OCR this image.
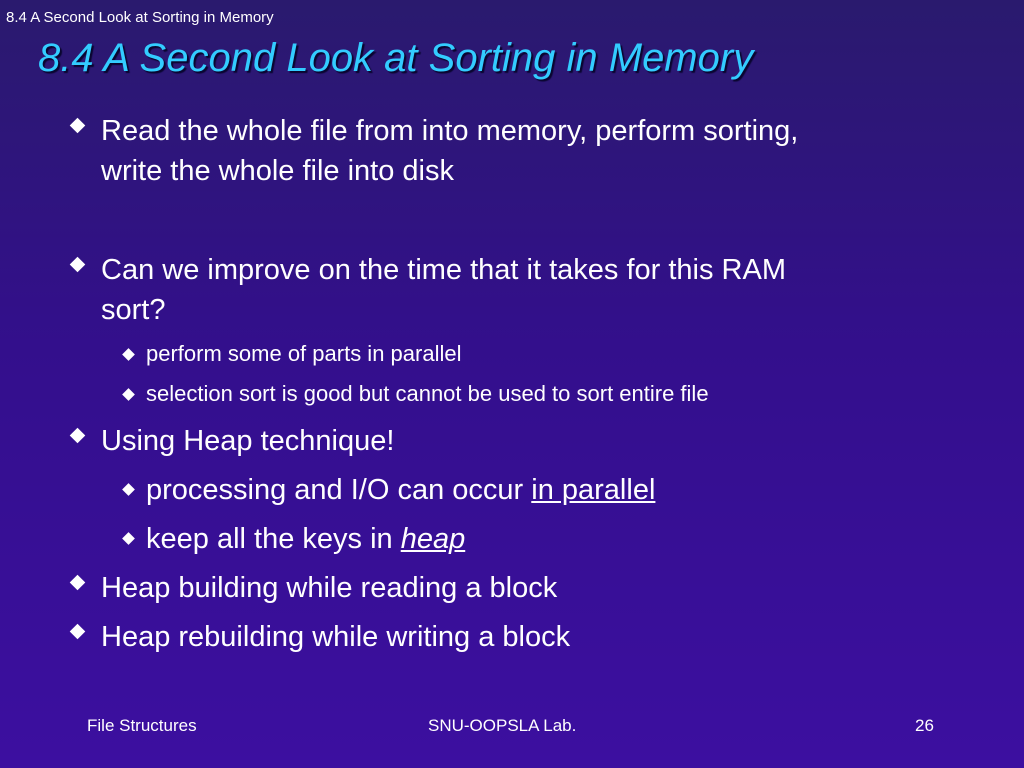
8.4 A Second Look at Sorting in Memory
8.4 A Second Look at Sorting in Memory
Read the whole file from into memory, perform sorting,
write the whole file into disk
Can we improve on the time that it takes for this RAM
sort?
perform some of parts in parallel
selection sort is good but cannot be used to sort entire file
Using Heap technique!
processing and I/O can occur in parallel
keep all the keys in heap
Heap building while reading a block
Heap rebuilding while writing a block
File Structures	SNU-OOPSLA Lab.	26
